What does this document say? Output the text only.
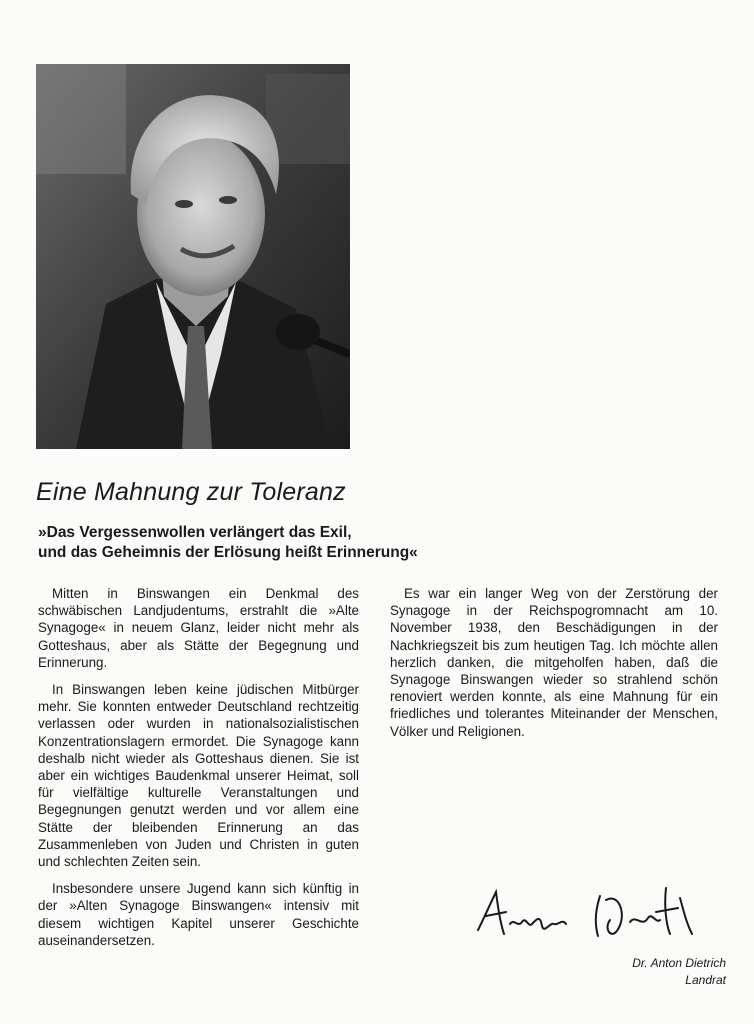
Eine Mahnung zur Toleranz
»Das Vergessenwollen verlängert das Exil,
und das Geheimnis der Erlösung heißt Erinnerung«

Mitten in Binswangen ein Denkmal des schwäbischen Landjudentums, erstrahlt die »Alte Synagoge« in neuem Glanz, leider nicht mehr als Gotteshaus, aber als Stätte der Begegnung und Erinnerung.

In Binswangen leben keine jüdischen Mitbürger mehr. Sie konnten entweder Deutschland rechtzeitig verlassen oder wurden in nationalsozialistischen Konzentrationslagern ermordet. Die Synagoge kann deshalb nicht wieder als Gotteshaus dienen. Sie ist aber ein wichtiges Baudenkmal unserer Heimat, soll für vielfältige kulturelle Veranstaltungen und Begegnungen genutzt werden und vor allem eine Stätte der bleibenden Erinnerung an das Zusammenleben von Juden und Christen in guten und schlechten Zeiten sein.

Insbesondere unsere Jugend kann sich künftig in der »Alten Synagoge Binswangen« intensiv mit diesem wichtigen Kapitel unserer Geschichte auseinandersetzen.

Es war ein langer Weg von der Zerstörung der Synagoge in der Reichspogromnacht am 10. November 1938, den Beschädigungen in der Nachkriegszeit bis zum heutigen Tag. Ich möchte allen herzlich danken, die mitgeholfen haben, daß die Synagoge Binswangen wieder so strahlend schön renoviert werden konnte, als eine Mahnung für ein friedliches und tolerantes Miteinander der Menschen, Völker und Religionen.

Dr. Anton Dietrich
Landrat
